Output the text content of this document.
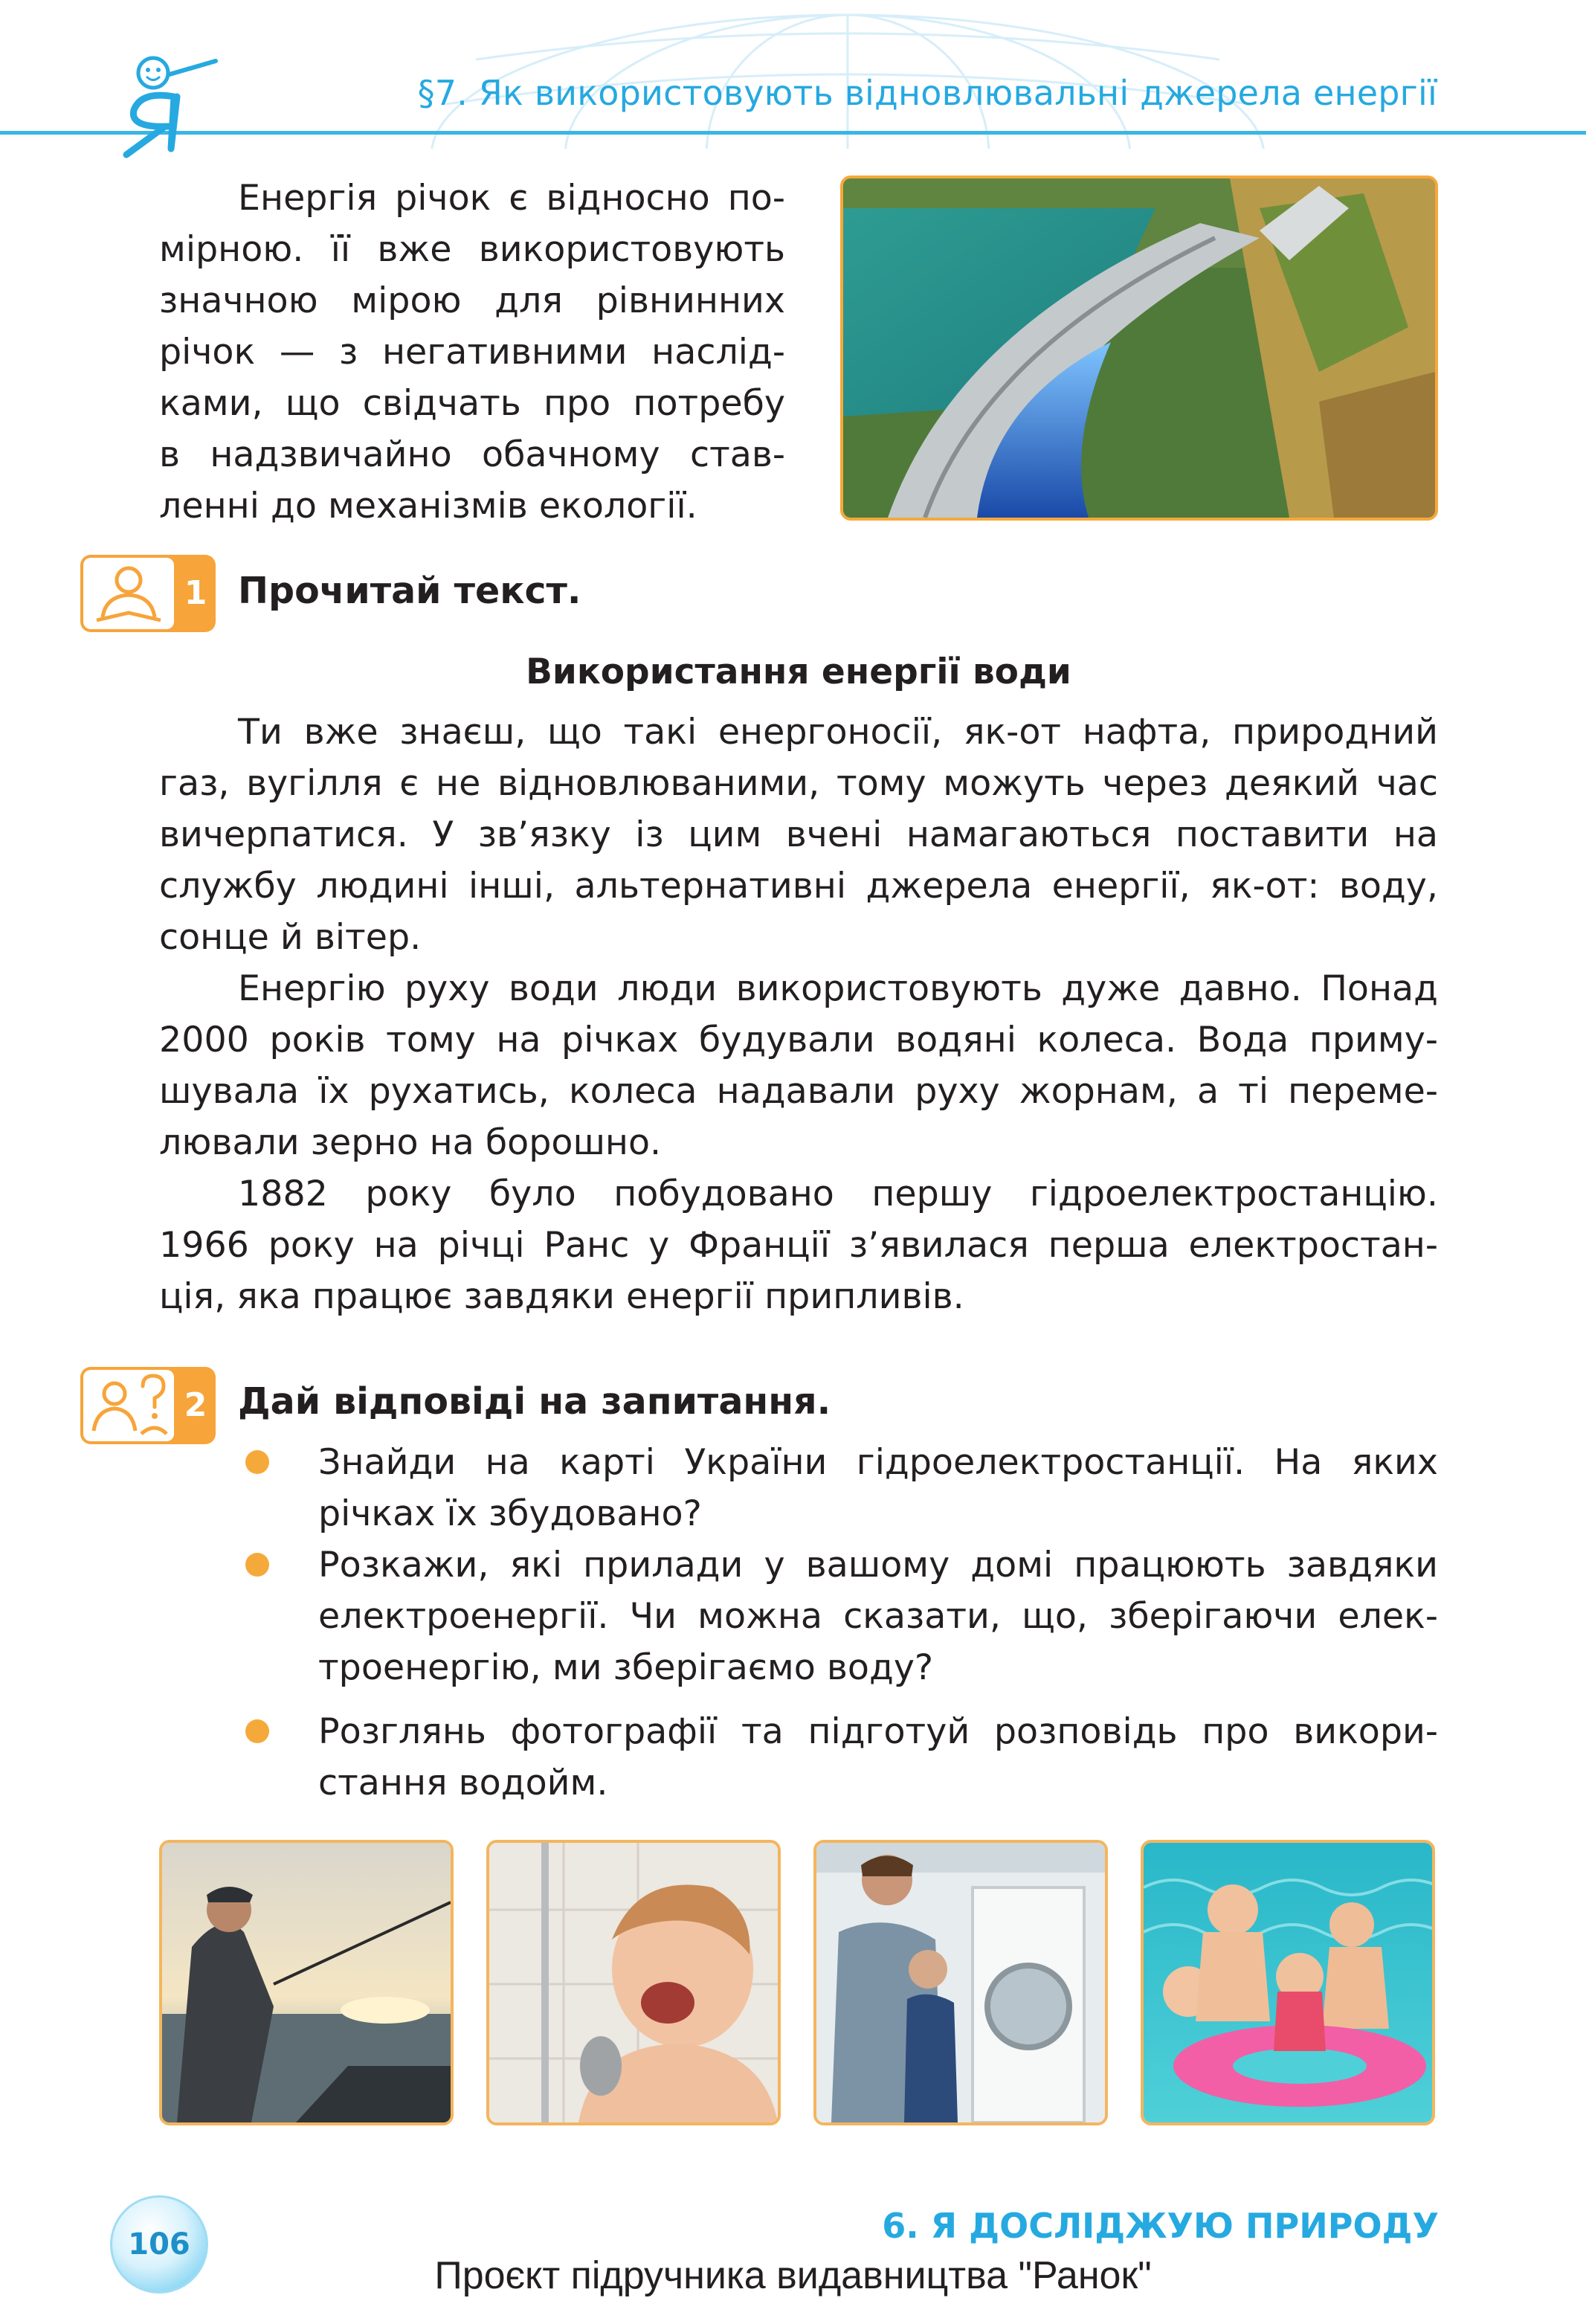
§7. Як використовують відновлювальні джерела енергії
Енергія річок є відносно по-
мірною. її вже використовують
значною мірою для рівнинних
річок — з негативними наслід-
ками, що свідчать про потребу
в надзвичайно обачному став-
ленні до механізмів екології.
1 Прочитай текст.
Використання енергії води
Ти вже знаєш, що такі енергоносії, як-от нафта, природний
газ, вугілля є не відновлюваними, тому можуть через деякий час
вичерпатися. У зв’язку із цим вчені намагаються поставити на
службу людині інші, альтернативні джерела енергії, як-от: воду,
сонце й вітер.
Енергію руху води люди використовують дуже давно. Понад
2000 років тому на річках будували водяні колеса. Вода приму-
шувала їх рухатись, колеса надавали руху жорнам, а ті переме-
лювали зерно на борошно.
1882 року було побудовано першу гідроелектростанцію.
1966 року на річці Ранс у Франції з’явилася перша електростан-
ція, яка працює завдяки енергії припливів.
2 Дай відповіді на запитання.
Знайди на карті України гідроелектростанції. На яких
річках їх збудовано?
Розкажи, які прилади у вашому домі працюють завдяки
електроенергії. Чи можна сказати, що, зберігаючи елек-
троенергію, ми зберігаємо воду?
Розглянь фотографії та підготуй розповідь про викори-
стання водойм.
106	6. Я ДОСЛІДЖУЮ ПРИРОДУ
Проєкт підручника видавництва "Ранок"
